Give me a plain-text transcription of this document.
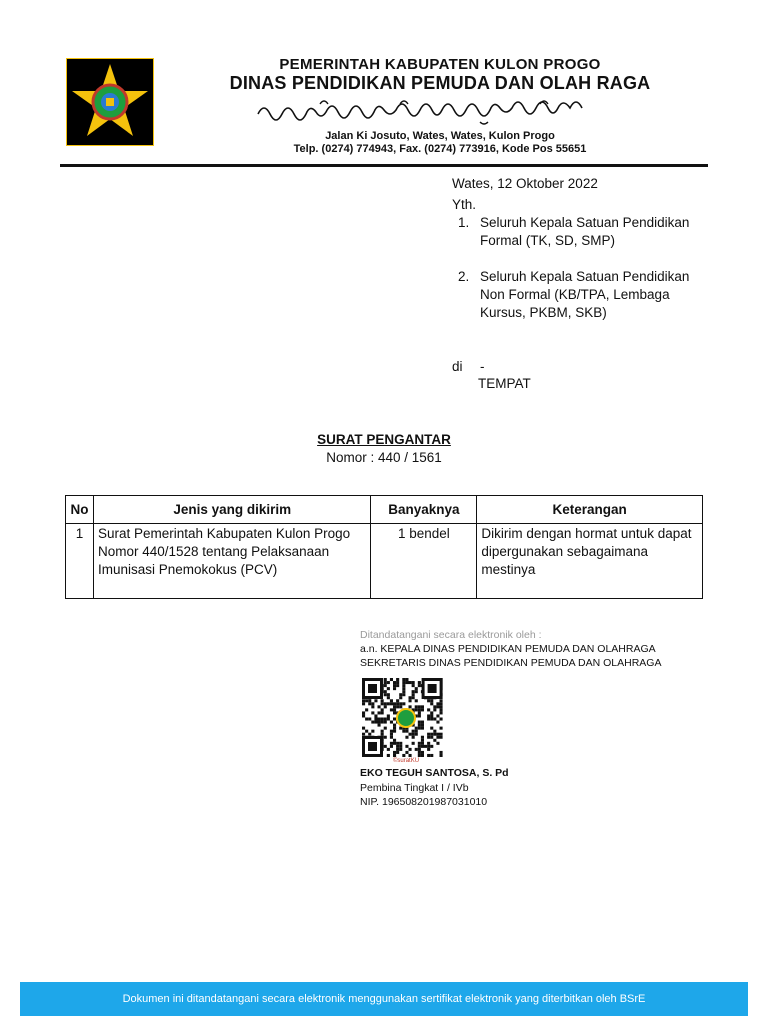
PEMERINTAH KABUPATEN KULON PROGO
DINAS PENDIDIKAN PEMUDA DAN OLAH RAGA
Jalan Ki Josuto, Wates, Wates, Kulon Progo
Telp. (0274) 774943, Fax. (0274) 773916, Kode Pos 55651
Wates, 12 Oktober 2022
Yth.
1. Seluruh Kepala Satuan Pendidikan Formal (TK, SD, SMP)
2. Seluruh Kepala Satuan Pendidikan Non Formal (KB/TPA, Lembaga Kursus, PKBM, SKB)
di -
TEMPAT
SURAT PENGANTAR
Nomor : 440 / 1561
No	Jenis yang dikirim	Banyaknya	Keterangan
1	Surat Pemerintah Kabupaten Kulon Progo Nomor 440/1528 tentang Pelaksanaan Imunisasi Pnemokokus (PCV)	1 bendel	Dikirim dengan hormat untuk dapat dipergunakan sebagaimana mestinya
Ditandatangani secara elektronik oleh :
a.n. KEPALA DINAS PENDIDIKAN PEMUDA DAN OLAHRAGA
SEKRETARIS DINAS PENDIDIKAN PEMUDA DAN OLAHRAGA
©suratKU
EKO TEGUH SANTOSA, S. Pd
Pembina Tingkat I / IVb
NIP. 196508201987031010
Dokumen ini ditandatangani secara elektronik menggunakan sertifikat elektronik yang diterbitkan oleh BSrE
